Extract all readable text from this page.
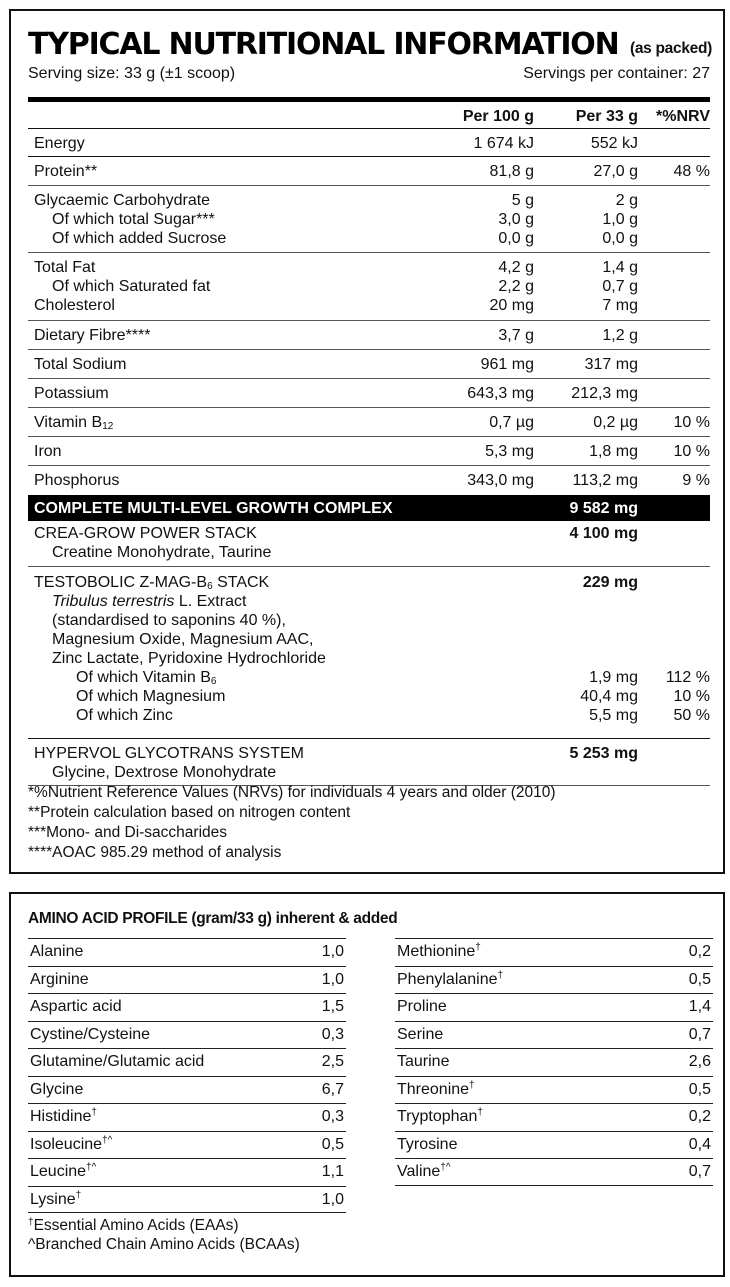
TYPICAL NUTRITIONAL INFORMATION (as packed)
Serving size: 33 g (±1 scoop)	Servings per container: 27
Per 100 g	Per 33 g *%NRV
Energy	1 674 kJ	552 kJ
Protein**	81,8 g	27,0 g 48 %
Glycaemic Carbohydrate	5 g	2 g
Of which total Sugar***	3,0 g	1,0 g
Of which added Sucrose	0,0 g	0,0 g
Total Fat	4,2 g	1,4 g
Of which Saturated fat	2,2 g	0,7 g
Cholesterol	20 mg	7 mg
Dietary Fibre****	3,7 g	1,2 g
Total Sodium	961 mg	317 mg
Potassium	643,3 mg 212,3 mg
Vitamin $B_{12}$	0,7 µg	0,2 µg 10 %
Iron	5,3 mg	1,8 mg 10 %
Phosphorus	343,0 mg 113,2 mg	9 %
COMPLETE MULTI-LEVEL GROWTH COMPLEX	9 582 mg
CREA-GROW POWER STACK	4 100 mg
Creatine Monohydrate, Taurine
TESTOBOLIC $Z-MAG-B_6$ STACK	229 mg
Tribulus terrestris L. Extract
(standardised to saponins 40 %),
Magnesium Oxide, Magnesium AAC,
Zinc Lactate, Pyridoxine Hydrochloride
Of which Vitamin $B_6$	1,9 mg 112 %
Of which Magnesium	40,4 mg 10 %
Of which Zinc	5,5 mg 50 %
HYPERVOL GLYCOTRANS SYSTEM	5 253 mg
Glycine, Dextrose Monohydrate
*%Nutrient Reference Values (NRVs) for individuals 4 years and older (2010)
**Protein calculation based on nitrogen content
***Mono- and Di-saccharides
****AOAC 985.29 method of analysis
AMINO ACID PROFILE (gram/33 g) inherent & added
Alanine	1,0
Arginine	1,0
Aspartic acid	1,5
Cystine/Cysteine	0,3
Glutamine/Glutamic acid	2,5
Glycine	6,7
Histidine†	0,3
Isoleucine†^	0,5
Leucine†^	1,1
Lysine†	1,0
Methionine†	0,2
Phenylalanine†	0,5
Proline	1,4
Serine	0,7
Taurine	2,6
Threonine†	0,5
Tryptophan†	0,2
Tyrosine	0,4
Valine†^	0,7
†Essential Amino Acids (EAAs)
^Branched Chain Amino Acids (BCAAs)
